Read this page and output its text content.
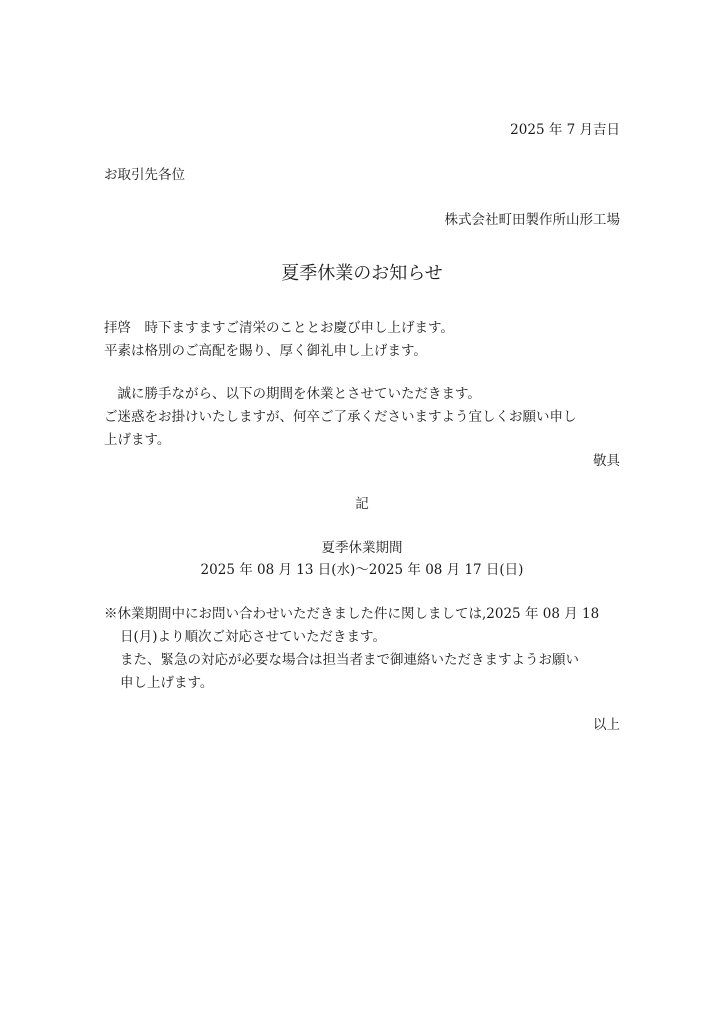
2025 年 7 月吉日

お取引先各位

株式会社町田製作所山形工場

夏季休業のお知らせ

拝啓　時下ますますご清栄のこととお慶び申し上げます。

平素は格別のご高配を賜り、厚く御礼申し上げます。

　誠に勝手ながら、以下の期間を休業とさせていただきます。

ご迷惑をお掛けいたしますが、何卒ご了承くださいますよう宜しくお願い申し

上げます。

敬具

記

夏季休業期間

2025 年 08 月 13 日(水)～2025 年 08 月 17 日(日)

※休業期間中にお問い合わせいただきました件に関しましては,2025 年 08 月 18

日(月)より順次ご対応させていただきます。

また、緊急の対応が必要な場合は担当者まで御連絡いただきますようお願い

申し上げます。

以上
